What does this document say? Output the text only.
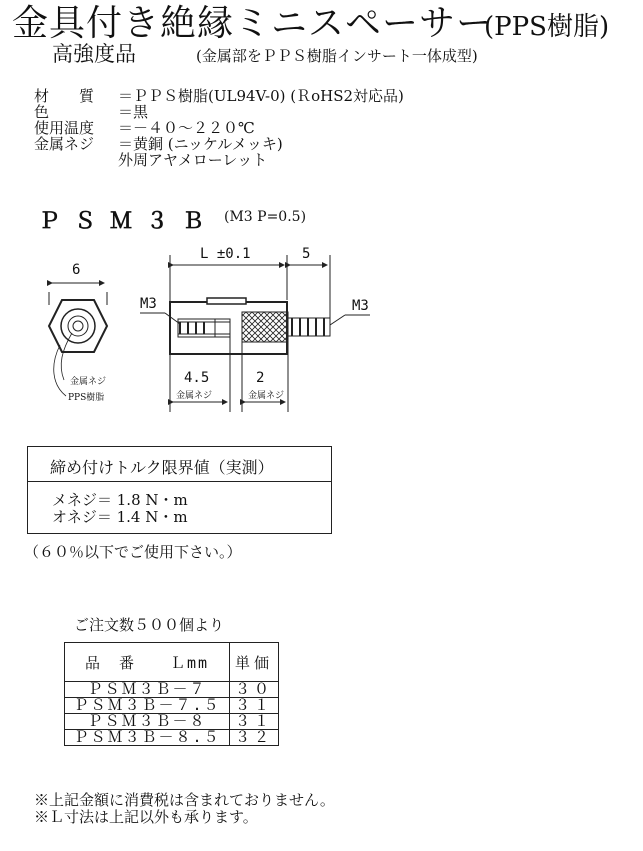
金具付き絶縁ミニスペーサー
(PPS樹脂)
高強度品	(金属部をＰＰＳ樹脂インサート一体成型)
材　　質 ＝ＰＰＳ樹脂(UL94V-0) (ＲoHS2対応品)
色	＝黒
使用温度 ＝－４０～２２０℃
金属ネジ ＝黄銅 (ニッケルメッキ)
外周アヤメローレット
ＰＳＭ３Ｂ (M3 P=0.5)
6
L ±0.1	5
M3	M3
金属ネジ
PPS樹脂
4.5
金属ネジ
2
金属ネジ
締め付けトルク限界値（実測）
メネジ＝ 1.8 N・m
オネジ＝ 1.4 N・m
（６０％以下でご使用下さい。）
ご注文数５００個より
品　番　　Ｌmm	単価
ＰＳＭ３Ｂ－７	３０
ＰＳＭ３Ｂ－７.５	３１
ＰＳＭ３Ｂ－８	３１
ＰＳＭ３Ｂ－８.５	３２
※上記金額に消費税は含まれておりません。
※Ｌ寸法は上記以外も承ります。
